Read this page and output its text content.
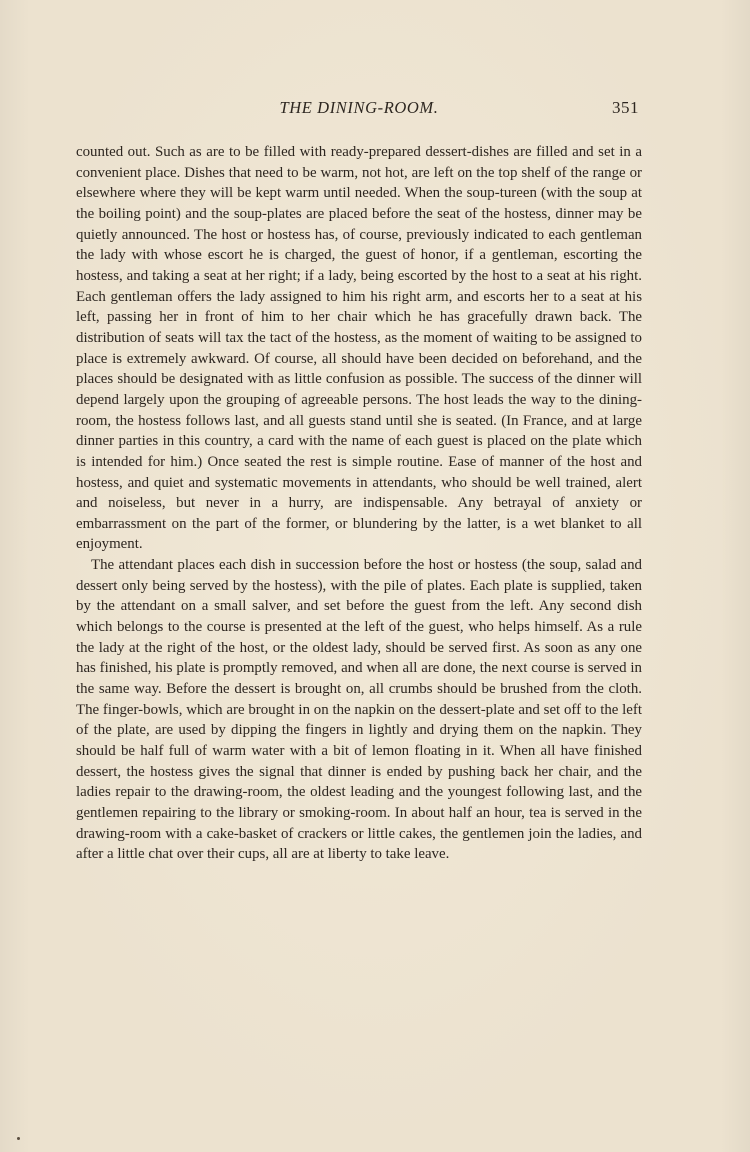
THE DINING-ROOM.	351

counted out. Such as are to be filled with ready-prepared dessert-dishes are filled and set in a convenient place. Dishes that need to be warm, not hot, are left on the top shelf of the range or elsewhere where they will be kept warm until needed. When the soup-tureen (with the soup at the boiling point) and the soup-plates are placed before the seat of the hostess, dinner may be quietly announced. The host or hostess has, of course, previously indicated to each gentleman the lady with whose escort he is charged, the guest of honor, if a gentleman, escorting the hostess, and taking a seat at her right; if a lady, being escorted by the host to a seat at his right. Each gentleman offers the lady assigned to him his right arm, and escorts her to a seat at his left, passing her in front of him to her chair which he has gracefully drawn back. The distribution of seats will tax the tact of the hostess, as the moment of waiting to be assigned to place is extremely awkward. Of course, all should have been decided on beforehand, and the places should be designated with as little confusion as possible. The success of the dinner will depend largely upon the grouping of agreeable persons. The host leads the way to the dining-room, the hostess follows last, and all guests stand until she is seated. (In France, and at large dinner parties in this country, a card with the name of each guest is placed on the plate which is intended for him.) Once seated the rest is simple routine. Ease of manner of the host and hostess, and quiet and systematic movements in attendants, who should be well trained, alert and noiseless, but never in a hurry, are indispensable. Any betrayal of anxiety or embarrassment on the part of the former, or blundering by the latter, is a wet blanket to all enjoyment.

The attendant places each dish in succession before the host or hostess (the soup, salad and dessert only being served by the hostess), with the pile of plates. Each plate is supplied, taken by the attendant on a small salver, and set before the guest from the left. Any second dish which belongs to the course is presented at the left of the guest, who helps himself. As a rule the lady at the right of the host, or the oldest lady, should be served first. As soon as any one has finished, his plate is promptly removed, and when all are done, the next course is served in the same way. Before the dessert is brought on, all crumbs should be brushed from the cloth. The finger-bowls, which are brought in on the napkin on the dessert-plate and set off to the left of the plate, are used by dipping the fingers in lightly and drying them on the napkin. They should be half full of warm water with a bit of lemon floating in it. When all have finished dessert, the hostess gives the signal that dinner is ended by pushing back her chair, and the ladies repair to the drawing-room, the oldest leading and the youngest following last, and the gentlemen repairing to the library or smoking-room. In about half an hour, tea is served in the drawing-room with a cake-basket of crackers or little cakes, the gentlemen join the ladies, and after a little chat over their cups, all are at liberty to take leave.
